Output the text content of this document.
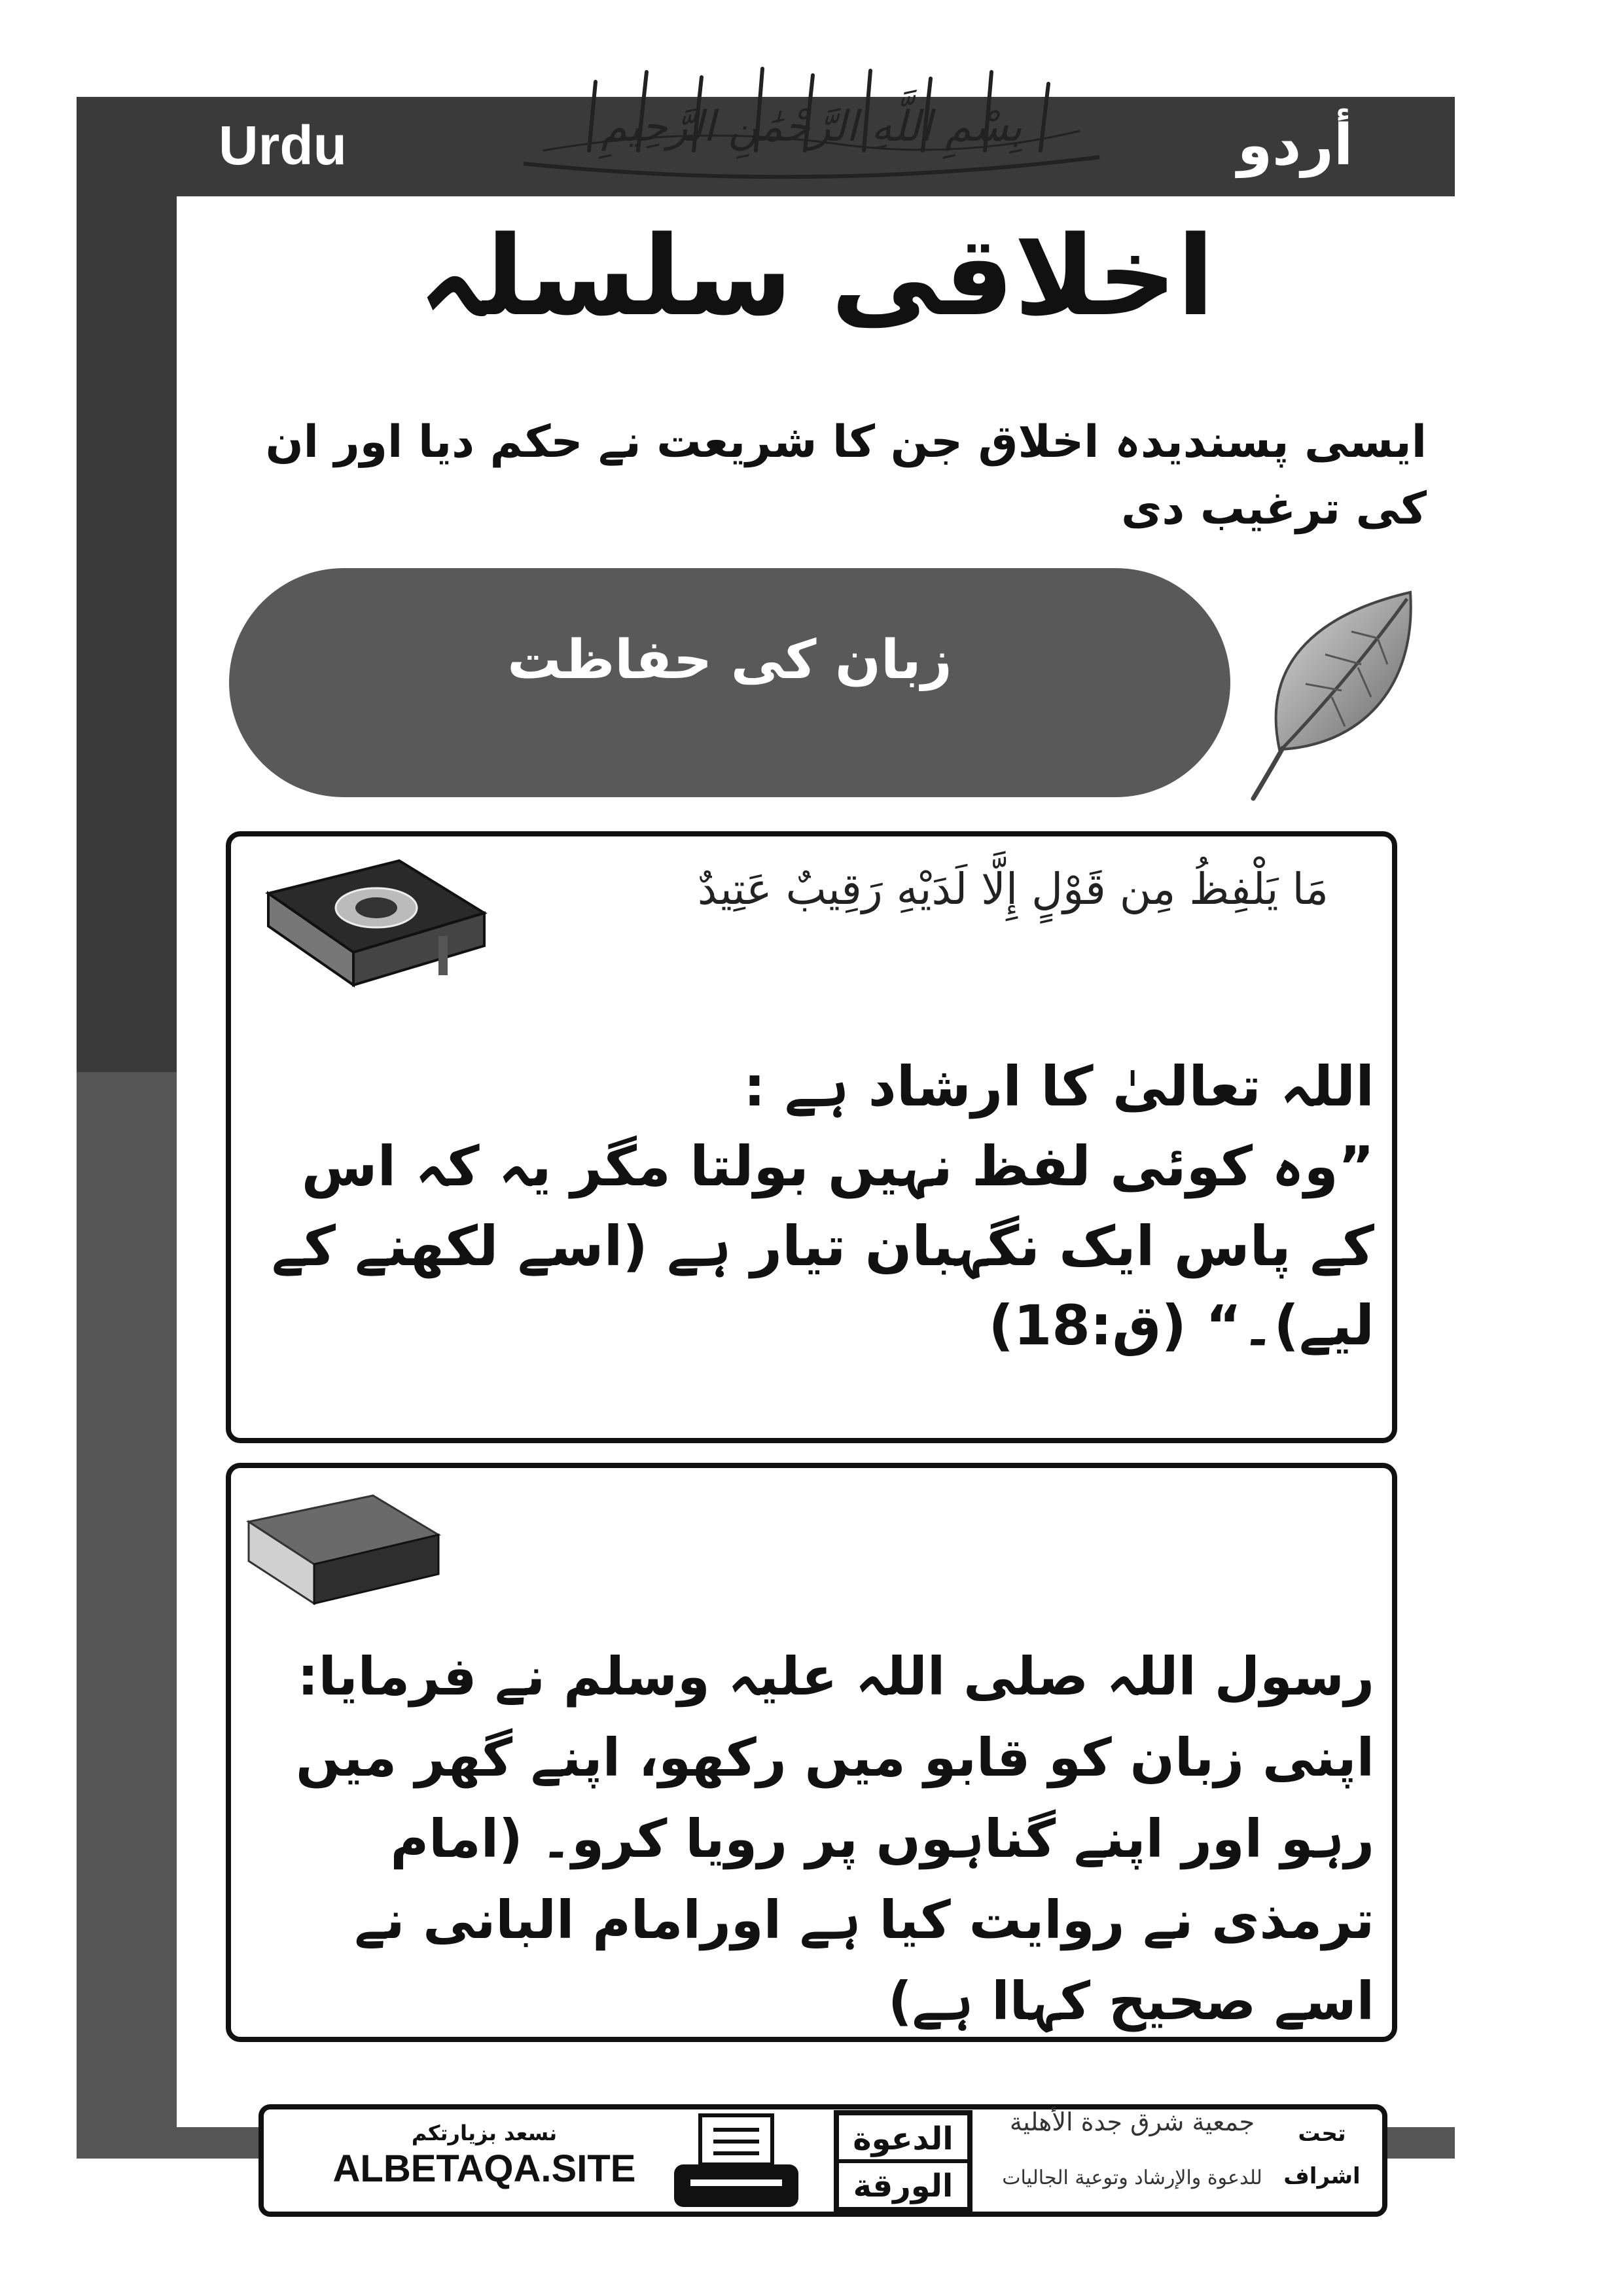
Urdu	أردو
بِسْمِ اللَّهِ الرَّحْمَٰنِ الرَّحِيمِ
اخلاقی سلسلہ
ایسی پسندیدہ اخلاق جن کا شریعت نے حکم دیا اور ان کی ترغیب دی
زبان کی حفاظت
مَا يَلْفِظُ مِن قَوْلٍ إِلَّا لَدَيْهِ رَقِيبٌ عَتِيدٌ

اللہ تعالیٰ کا ارشاد ہے :

”وہ کوئی لفظ نہیں بولتا مگر یہ کہ اس کے پاس ایک نگہبان تیار ہے (اسے لکھنے کے لیے)۔“ (ق:18)

رسول اللہ صلی اللہ علیہ وسلم نے فرمایا: اپنی زبان کو قابو میں رکھو، اپنے گھر میں رہو اور اپنے گناہوں پر رویا کرو۔ (امام ترمذی نے روایت کیا ہے اورامام البانی نے اسے صحیح کہاا ہے)
نسعد بزيارتكم
ALBETAQA.SITE
الدعوة
الورقة
جمعية شرق جدة الأهلية
للدعوة والإرشاد وتوعية الجاليات
تحت
اشراف
